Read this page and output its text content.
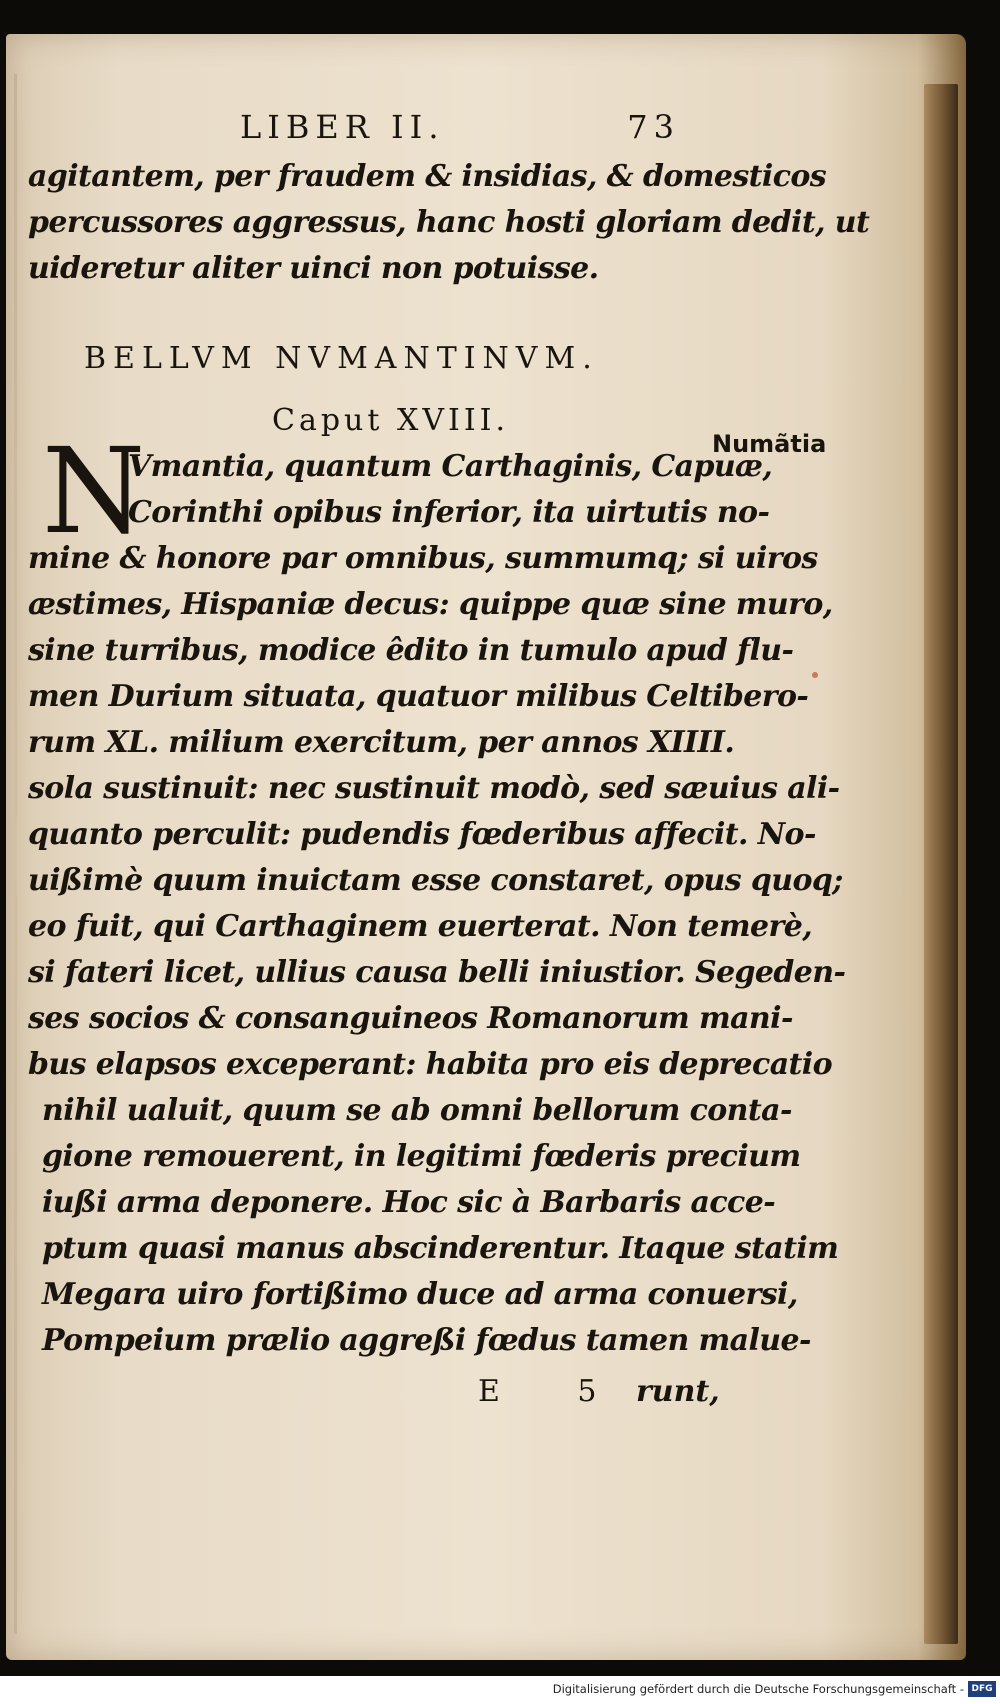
LIBER II.	73
agitantem, per fraudem & insidias, & domesticos
percussores aggressus, hanc hosti gloriam dedit, ut
uideretur aliter uinci non potuisse.
BELLVM NVMANTINVM.
Caput XVIII.
Vmantia, quantum Carthaginis, Capuæ,
Corinthi opibus inferior, ita uirtutis no-
mine & honore par omnibus, summumq; si uiros
æstimes, Hispaniæ decus: quippe quæ sine muro,
sine turribus, modice êdito in tumulo apud flu-
men Durium situata, quatuor milibus Celtibero-
rum XL. milium exercitum, per annos XIIII.
sola sustinuit: nec sustinuit modò, sed sæuius ali-
quanto perculit: pudendis fœderibus affecit. No-
uißimè quum inuictam esse constaret, opus quoq;
eo fuit, qui Carthaginem euerterat. Non temerè,
si fateri licet, ullius causa belli iniustior. Segeden-
ses socios & consanguineos Romanorum mani-
bus elapsos exceperant: habita pro eis deprecatio
nihil ualuit, quum se ab omni bellorum conta-
gione remouerent, in legitimi fœderis precium
iußi arma deponere. Hoc sic à Barbaris acce-
ptum quasi manus abscinderentur. Itaque statim
Megara uiro fortißimo duce ad arma conuersi,
Pompeium prælio aggreßi fœdus tamen malue-
N	Numãtia
E 5 runt,
Digitalisierung gefördert durch die Deutsche Forschungsgemeinschaft - DFG
